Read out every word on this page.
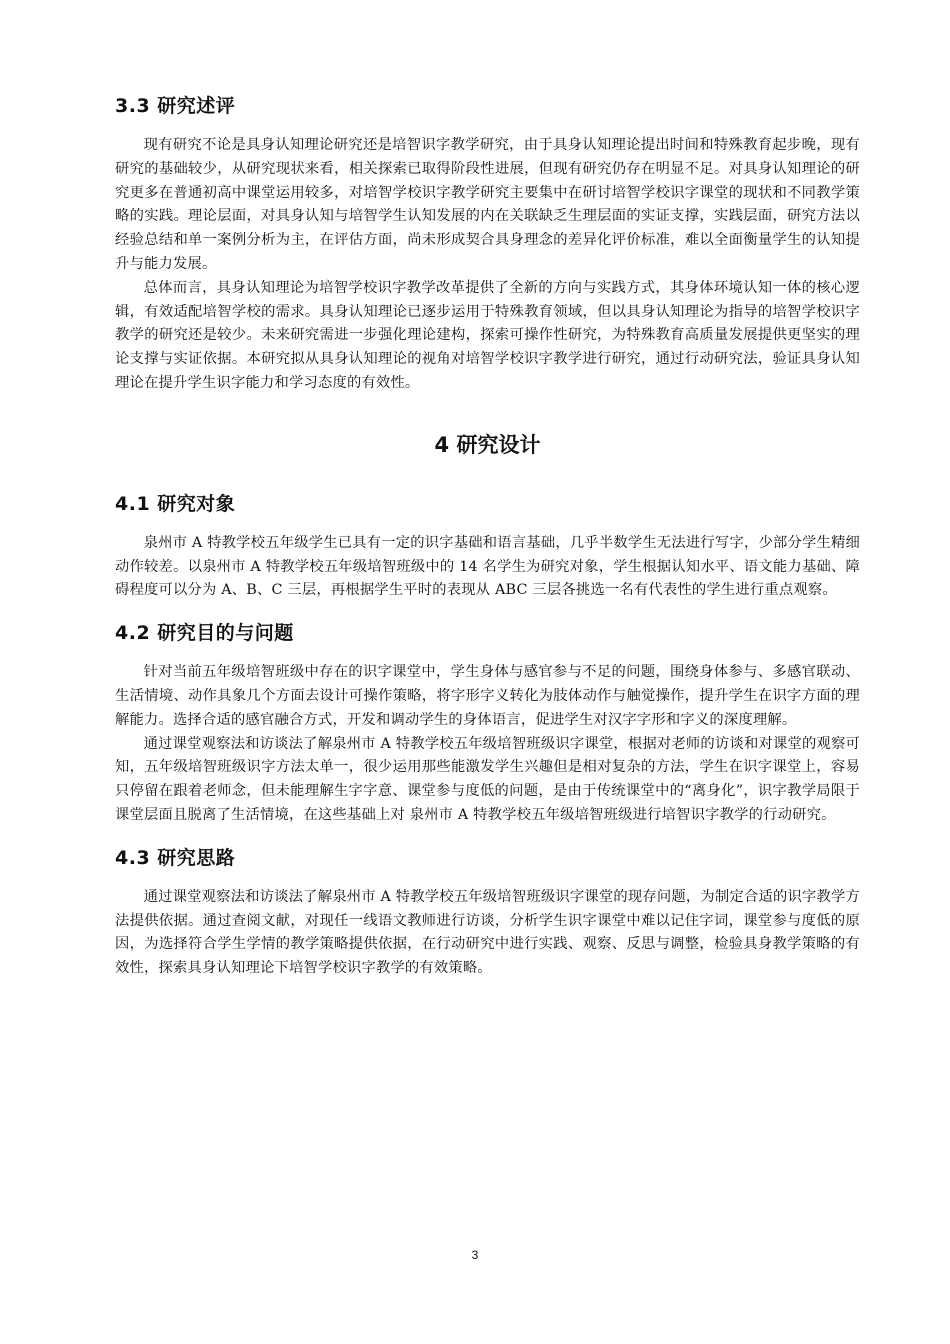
3.3 研究述评

现有研究不论是具身认知理论研究还是培智识字教学研究，由于具身认知理论提出时间和特殊教育起步晚，现有研究的基础较少，从研究现状来看，相关探索已取得阶段性进展，但现有研究仍存在明显不足。对具身认知理论的研究更多在普通初高中课堂运用较多，对培智学校识字教学研究主要集中在研讨培智学校识字课堂的现状和不同教学策略的实践。理论层面，对具身认知与培智学生认知发展的内在关联缺乏生理层面的实证支撑，实践层面，研究方法以经验总结和单一案例分析为主，在评估方面，尚未形成契合具身理念的差异化评价标准，难以全面衡量学生的认知提升与能力发展。

总体而言，具身认知理论为培智学校识字教学改革提供了全新的方向与实践方式，其身体环境认知一体的核心逻辑，有效适配培智学校的需求。具身认知理论已逐步运用于特殊教育领域，但以具身认知理论为指导的培智学校识字教学的研究还是较少。未来研究需进一步强化理论建构，探索可操作性研究，为特殊教育高质量发展提供更坚实的理论支撑与实证依据。本研究拟从具身认知理论的视角对培智学校识字教学进行研究，通过行动研究法，验证具身认知理论在提升学生识字能力和学习态度的有效性。

4 研究设计
4.1 研究对象

泉州市 A 特教学校五年级学生已具有一定的识字基础和语言基础，几乎半数学生无法进行写字，少部分学生精细动作较差。以泉州市 A 特教学校五年级培智班级中的 14 名学生为研究对象，学生根据认知水平、语文能力基础、障碍程度可以分为 A、B、C 三层，再根据学生平时的表现从 ABC 三层各挑选一名有代表性的学生进行重点观察。

4.2 研究目的与问题

针对当前五年级培智班级中存在的识字课堂中，学生身体与感官参与不足的问题，围绕身体参与、多感官联动、生活情境、动作具象几个方面去设计可操作策略，将字形字义转化为肢体动作与触觉操作，提升学生在识字方面的理解能力。选择合适的感官融合方式，开发和调动学生的身体语言，促进学生对汉字字形和字义的深度理解。

通过课堂观察法和访谈法了解泉州市 A 特教学校五年级培智班级识字课堂，根据对老师的访谈和对课堂的观察可知，五年级培智班级识字方法太单一，很少运用那些能激发学生兴趣但是相对复杂的方法，学生在识字课堂上，容易只停留在跟着老师念，但未能理解生字字意、课堂参与度低的问题，是由于传统课堂中的“离身化”，识字教学局限于课堂层面且脱离了生活情境，在这些基础上对 泉州市 A 特教学校五年级培智班级进行培智识字教学的行动研究。

4.3 研究思路

通过课堂观察法和访谈法了解泉州市 A 特教学校五年级培智班级识字课堂的现存问题，为制定合适的识字教学方法提供依据。通过查阅文献，对现任一线语文教师进行访谈，分析学生识字课堂中难以记住字词，课堂参与度低的原因，为选择符合学生学情的教学策略提供依据，在行动研究中进行实践、观察、反思与调整，检验具身教学策略的有效性，探索具身认知理论下培智学校识字教学的有效策略。

3
